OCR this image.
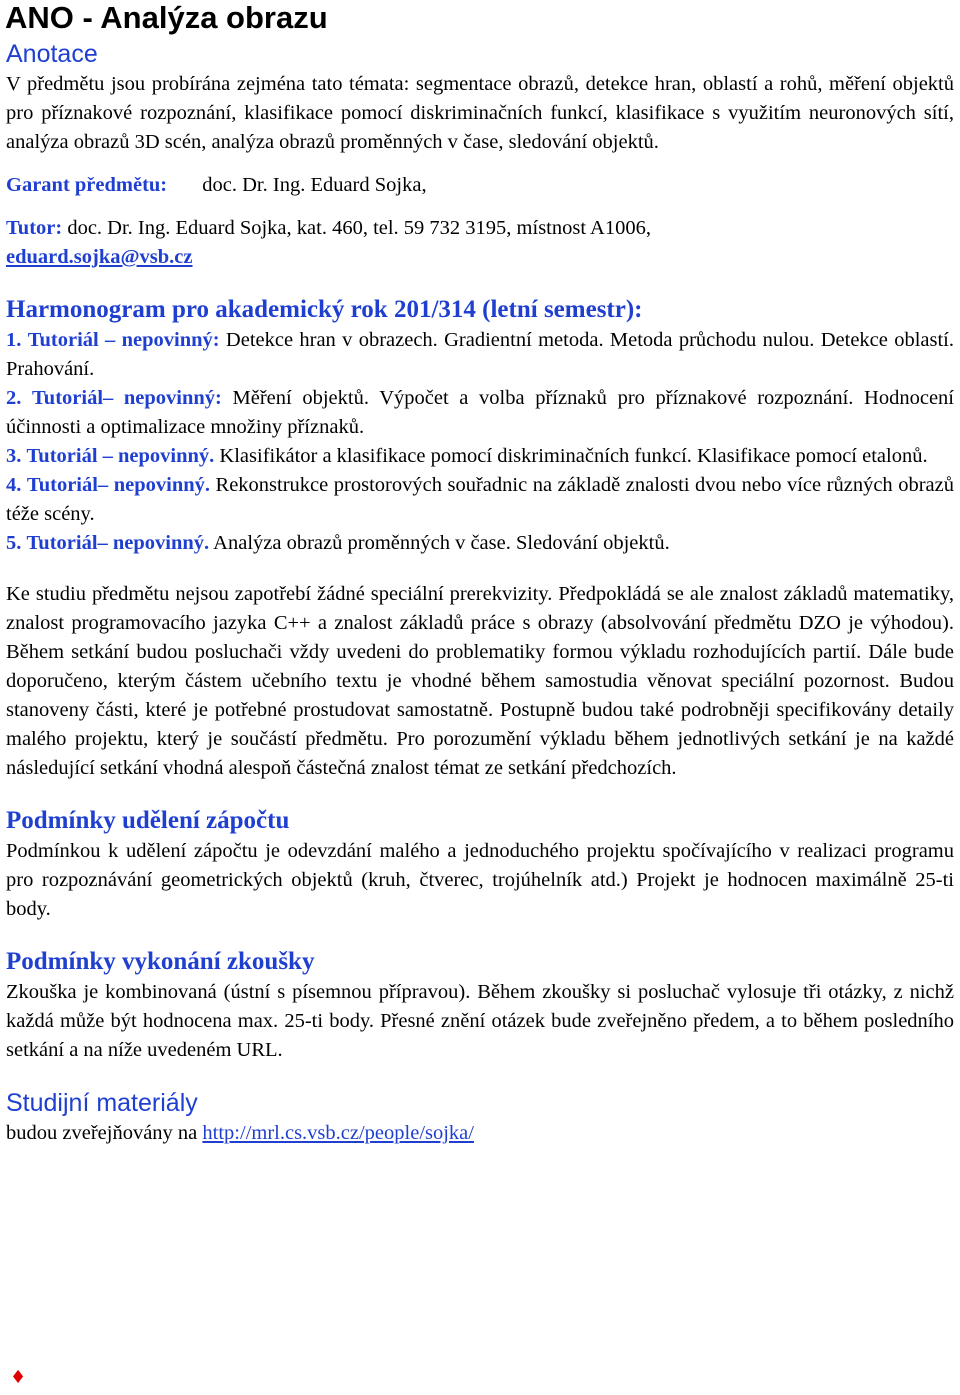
ANO - Analýza obrazu
Anotace

V předmětu jsou probírána zejména tato témata: segmentace obrazů, detekce hran, oblastí a rohů, měření objektů pro příznakové rozpoznání, klasifikace pomocí diskriminačních funkcí, klasifikace s využitím neuronových sítí, analýza obrazů 3D scén, analýza obrazů proměnných v čase, sledování objektů.

Garant předmětu: doc. Dr. Ing. Eduard Sojka,
Tutor: doc. Dr. Ing. Eduard Sojka, kat. 460, tel. 59 732 3195, místnost A1006,
eduard.sojka@vsb.cz
Harmonogram pro akademický rok 201/314 (letní semestr):

1. Tutoriál – nepovinný: Detekce hran v obrazech. Gradientní metoda. Metoda průchodu nulou. Detekce oblastí. Prahování.

2. Tutoriál– nepovinný: Měření objektů. Výpočet a volba příznaků pro příznakové rozpoznání. Hodnocení účinnosti a optimalizace množiny příznaků.

3. Tutoriál – nepovinný. Klasifikátor a klasifikace pomocí diskriminačních funkcí. Klasifikace pomocí etalonů.

4. Tutoriál– nepovinný. Rekonstrukce prostorových souřadnic na základě znalosti dvou nebo více různých obrazů téže scény.

5. Tutoriál– nepovinný. Analýza obrazů proměnných v čase. Sledování objektů.

Ke studiu předmětu nejsou zapotřebí žádné speciální prerekvizity. Předpokládá se ale znalost základů matematiky, znalost programovacího jazyka C++ a znalost základů práce s obrazy (absolvování předmětu DZO je výhodou). Během setkání budou posluchači vždy uvedeni do problematiky formou výkladu rozhodujících partií. Dále bude doporučeno, kterým částem učebního textu je vhodné během samostudia věnovat speciální pozornost. Budou stanoveny části, které je potřebné prostudovat samostatně. Postupně budou také podrobněji specifikovány detaily malého projektu, který je součástí předmětu. Pro porozumění výkladu během jednotlivých setkání je na každé následující setkání vhodná alespoň částečná znalost témat ze setkání předchozích.

Podmínky udělení zápočtu

Podmínkou k udělení zápočtu je odevzdání malého a jednoduchého projektu spočívajícího v realizaci programu pro rozpoznávání geometrických objektů (kruh, čtverec, trojúhelník atd.) Projekt je hodnocen maximálně 25-ti body.

Podmínky vykonání zkoušky

Zkouška je kombinovaná (ústní s písemnou přípravou). Během zkoušky si posluchač vylosuje tři otázky, z nichž každá může být hodnocena max. 25-ti body. Přesné znění otázek bude zveřejněno předem, a to během posledního setkání a na níže uvedeném URL.

Studijní materiály
budou zveřejňovány na http://mrl.cs.vsb.cz/people/sojka/
♦
